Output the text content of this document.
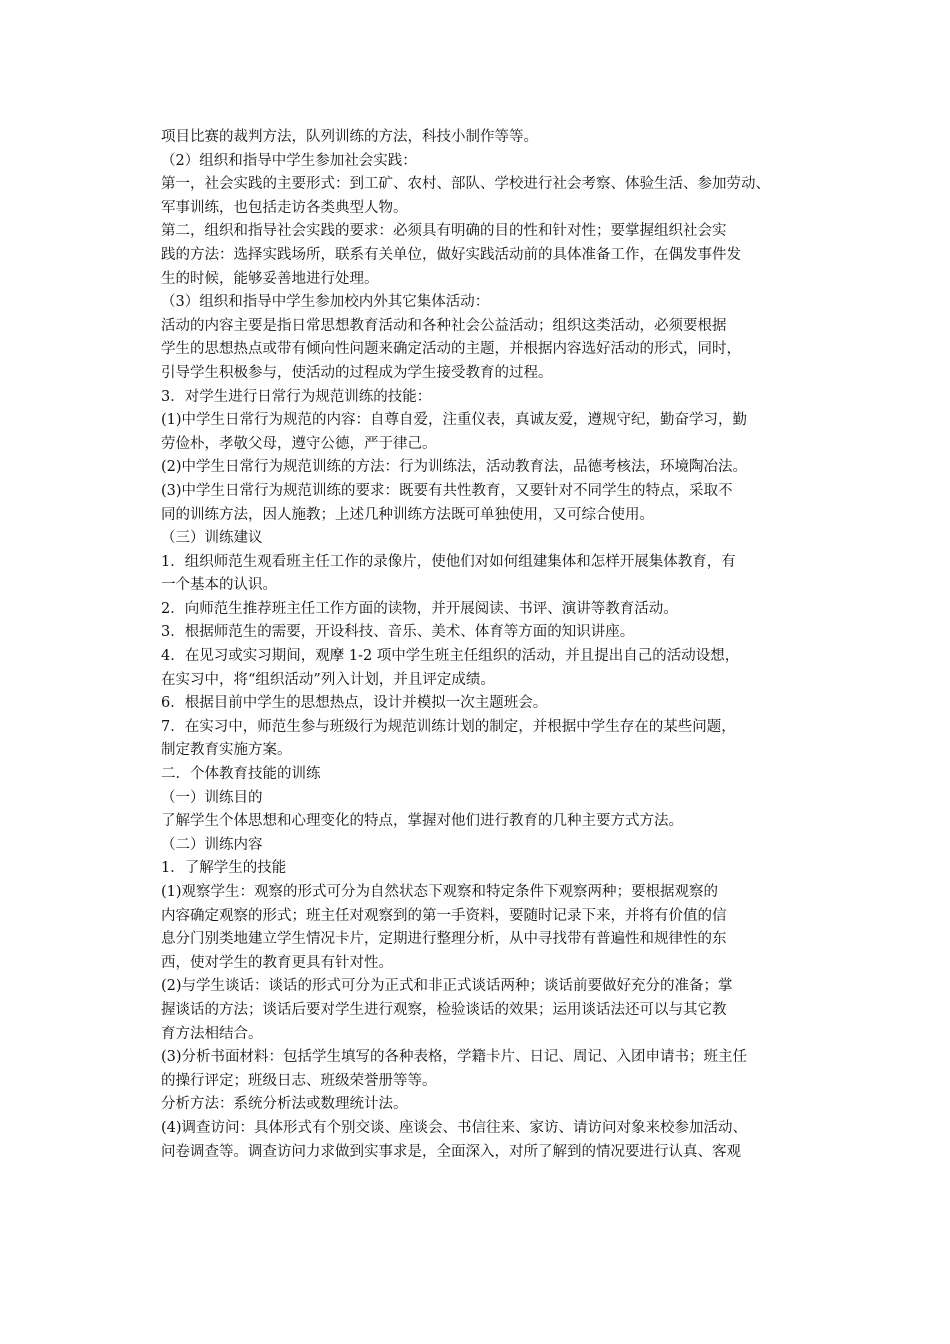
项目比赛的裁判方法，队列训练的方法，科技小制作等等。
（2）组织和指导中学生参加社会实践：
第一，社会实践的主要形式：到工矿、农村、部队、学校进行社会考察、体验生活、参加劳动、
军事训练，也包括走访各类典型人物。
第二，组织和指导社会实践的要求：必须具有明确的目的性和针对性；要掌握组织社会实
践的方法：选择实践场所，联系有关单位，做好实践活动前的具体准备工作，在偶发事件发
生的时候，能够妥善地进行处理。
（3）组织和指导中学生参加校内外其它集体活动：
活动的内容主要是指日常思想教育活动和各种社会公益活动；组织这类活动，必须要根据
学生的思想热点或带有倾向性问题来确定活动的主题，并根据内容选好活动的形式，同时，
引导学生积极参与，使活动的过程成为学生接受教育的过程。
3．对学生进行日常行为规范训练的技能：
(1)中学生日常行为规范的内容：自尊自爱，注重仪表，真诚友爱，遵规守纪，勤奋学习，勤
劳俭朴，孝敬父母，遵守公德，严于律己。
(2)中学生日常行为规范训练的方法：行为训练法，活动教育法，品德考核法，环境陶冶法。
(3)中学生日常行为规范训练的要求：既要有共性教育，又要针对不同学生的特点，采取不
同的训练方法，因人施教；上述几种训练方法既可单独使用，又可综合使用。
（三）训练建议
1．组织师范生观看班主任工作的录像片，使他们对如何组建集体和怎样开展集体教育，有
一个基本的认识。
2．向师范生推荐班主任工作方面的读物，并开展阅读、书评、演讲等教育活动。
3．根据师范生的需要，开设科技、音乐、美术、体育等方面的知识讲座。
4．在见习或实习期间，观摩 1-2 项中学生班主任组织的活动，并且提出自己的活动设想，
在实习中，将“组织活动”列入计划，并且评定成绩。
6．根据目前中学生的思想热点，设计并模拟一次主题班会。
7．在实习中，师范生参与班级行为规范训练计划的制定，并根据中学生存在的某些问题，
制定教育实施方案。
二．个体教育技能的训练
（一）训练目的
了解学生个体思想和心理变化的特点，掌握对他们进行教育的几种主要方式方法。
（二）训练内容
1．了解学生的技能
(1)观察学生：观察的形式可分为自然状态下观察和特定条件下观察两种；要根据观察的
内容确定观察的形式；班主任对观察到的第一手资料，要随时记录下来，并将有价值的信
息分门别类地建立学生情况卡片，定期进行整理分析，从中寻找带有普遍性和规律性的东
西，使对学生的教育更具有针对性。
(2)与学生谈话：谈话的形式可分为正式和非正式谈话两种；谈话前要做好充分的准备；掌
握谈话的方法；谈话后要对学生进行观察，检验谈话的效果；运用谈话法还可以与其它教
育方法相结合。
(3)分析书面材料：包括学生填写的各种表格，学籍卡片、日记、周记、入团申请书；班主任
的操行评定；班级日志、班级荣誉册等等。
分析方法：系统分析法或数理统计法。
(4)调查访问：具体形式有个别交谈、座谈会、书信往来、家访、请访问对象来校参加活动、
问卷调查等。调查访问力求做到实事求是，全面深入，对所了解到的情况要进行认真、客观
